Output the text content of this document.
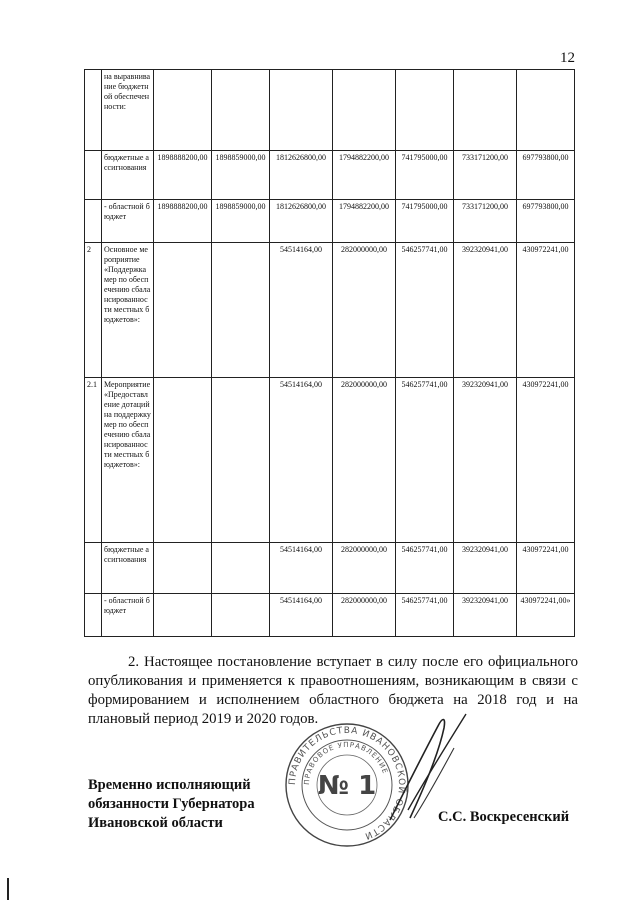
12
	на выравнивание бюджетной обеспеченности:							
	бюджетные ассигнования	1898888200,00	1898859000,00	1812626800,00	1794882200,00	741795000,00	733171200,00	697793800,00
	- областной бюджет	1898888200,00	1898859000,00	1812626800,00	1794882200,00	741795000,00	733171200,00	697793800,00
2	Основное мероприятие «Поддержка мер по обеспечению сбалансированности местных бюджетов»:			54514164,00	282000000,00	546257741,00	392320941,00	430972241,00
2.1	Мероприятие «Предоставление дотаций на поддержку мер по обеспечению сбалансированности местных бюджетов»:			54514164,00	282000000,00	546257741,00	392320941,00	430972241,00
	бюджетные ассигнования			54514164,00	282000000,00	546257741,00	392320941,00	430972241,00
	- областной бюджет			54514164,00	282000000,00	546257741,00	392320941,00	430972241,00»
2. Настоящее постановление вступает в силу после его официального опубликования и применяется к правоотношениям, возникающим в связи с формированием и исполнением областного бюджета на 2018 год и на плановый период 2019 и 2020 годов.
ПРАВИТЕЛЬСТВА ИВАНОВСКОЙ ОБЛАСТИ
ПРАВОВОЕ УПРАВЛЕНИЕ
№ 1
Временно исполняющий обязанности Губернатора Ивановской области	С.С. Воскресенский
